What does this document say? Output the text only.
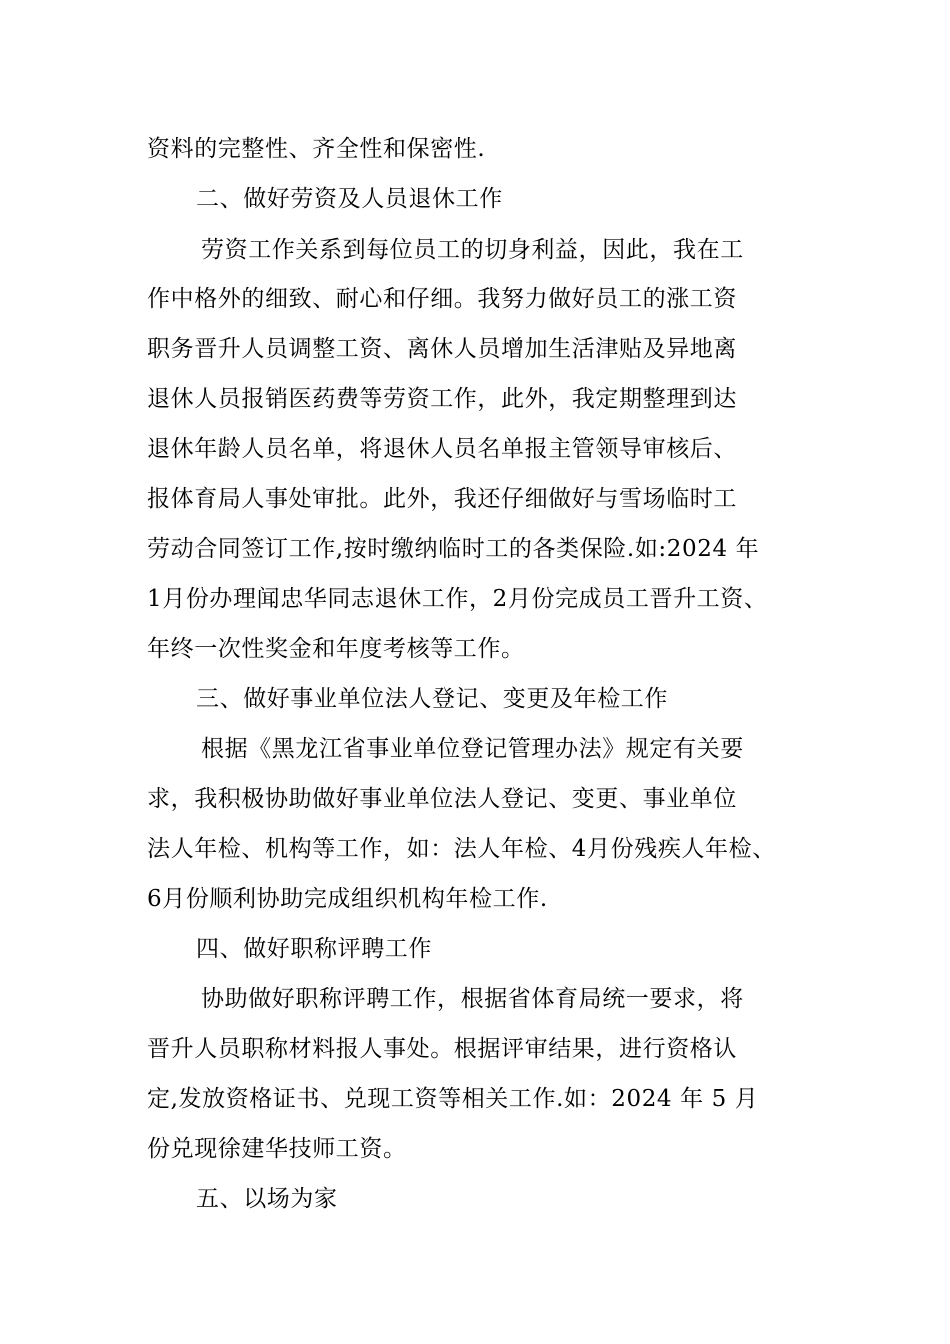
资料的完整性、齐全性和保密性.
二、做好劳资及人员退休工作
劳资工作关系到每位员工的切身利益，因此，我在工
作中格外的细致、耐心和仔细。我努力做好员工的涨工资
职务晋升人员调整工资、离休人员增加生活津贴及异地离
退休人员报销医药费等劳资工作，此外，我定期整理到达
退休年龄人员名单，将退休人员名单报主管领导审核后、
报体育局人事处审批。此外，我还仔细做好与雪场临时工
劳动合同签订工作,按时缴纳临时工的各类保险.如:2024 年
1月份办理闻忠华同志退休工作，2月份完成员工晋升工资、
年终一次性奖金和年度考核等工作。
三、做好事业单位法人登记、变更及年检工作
根据《黑龙江省事业单位登记管理办法》规定有关要
求，我积极协助做好事业单位法人登记、变更、事业单位
法人年检、机构等工作，如：法人年检、4月份残疾人年检、
6月份顺利协助完成组织机构年检工作.
四、做好职称评聘工作
协助做好职称评聘工作，根据省体育局统一要求，将
晋升人员职称材料报人事处。根据评审结果，进行资格认
定,发放资格证书、兑现工资等相关工作.如：2024 年 5 月
份兑现徐建华技师工资。
五、以场为家
